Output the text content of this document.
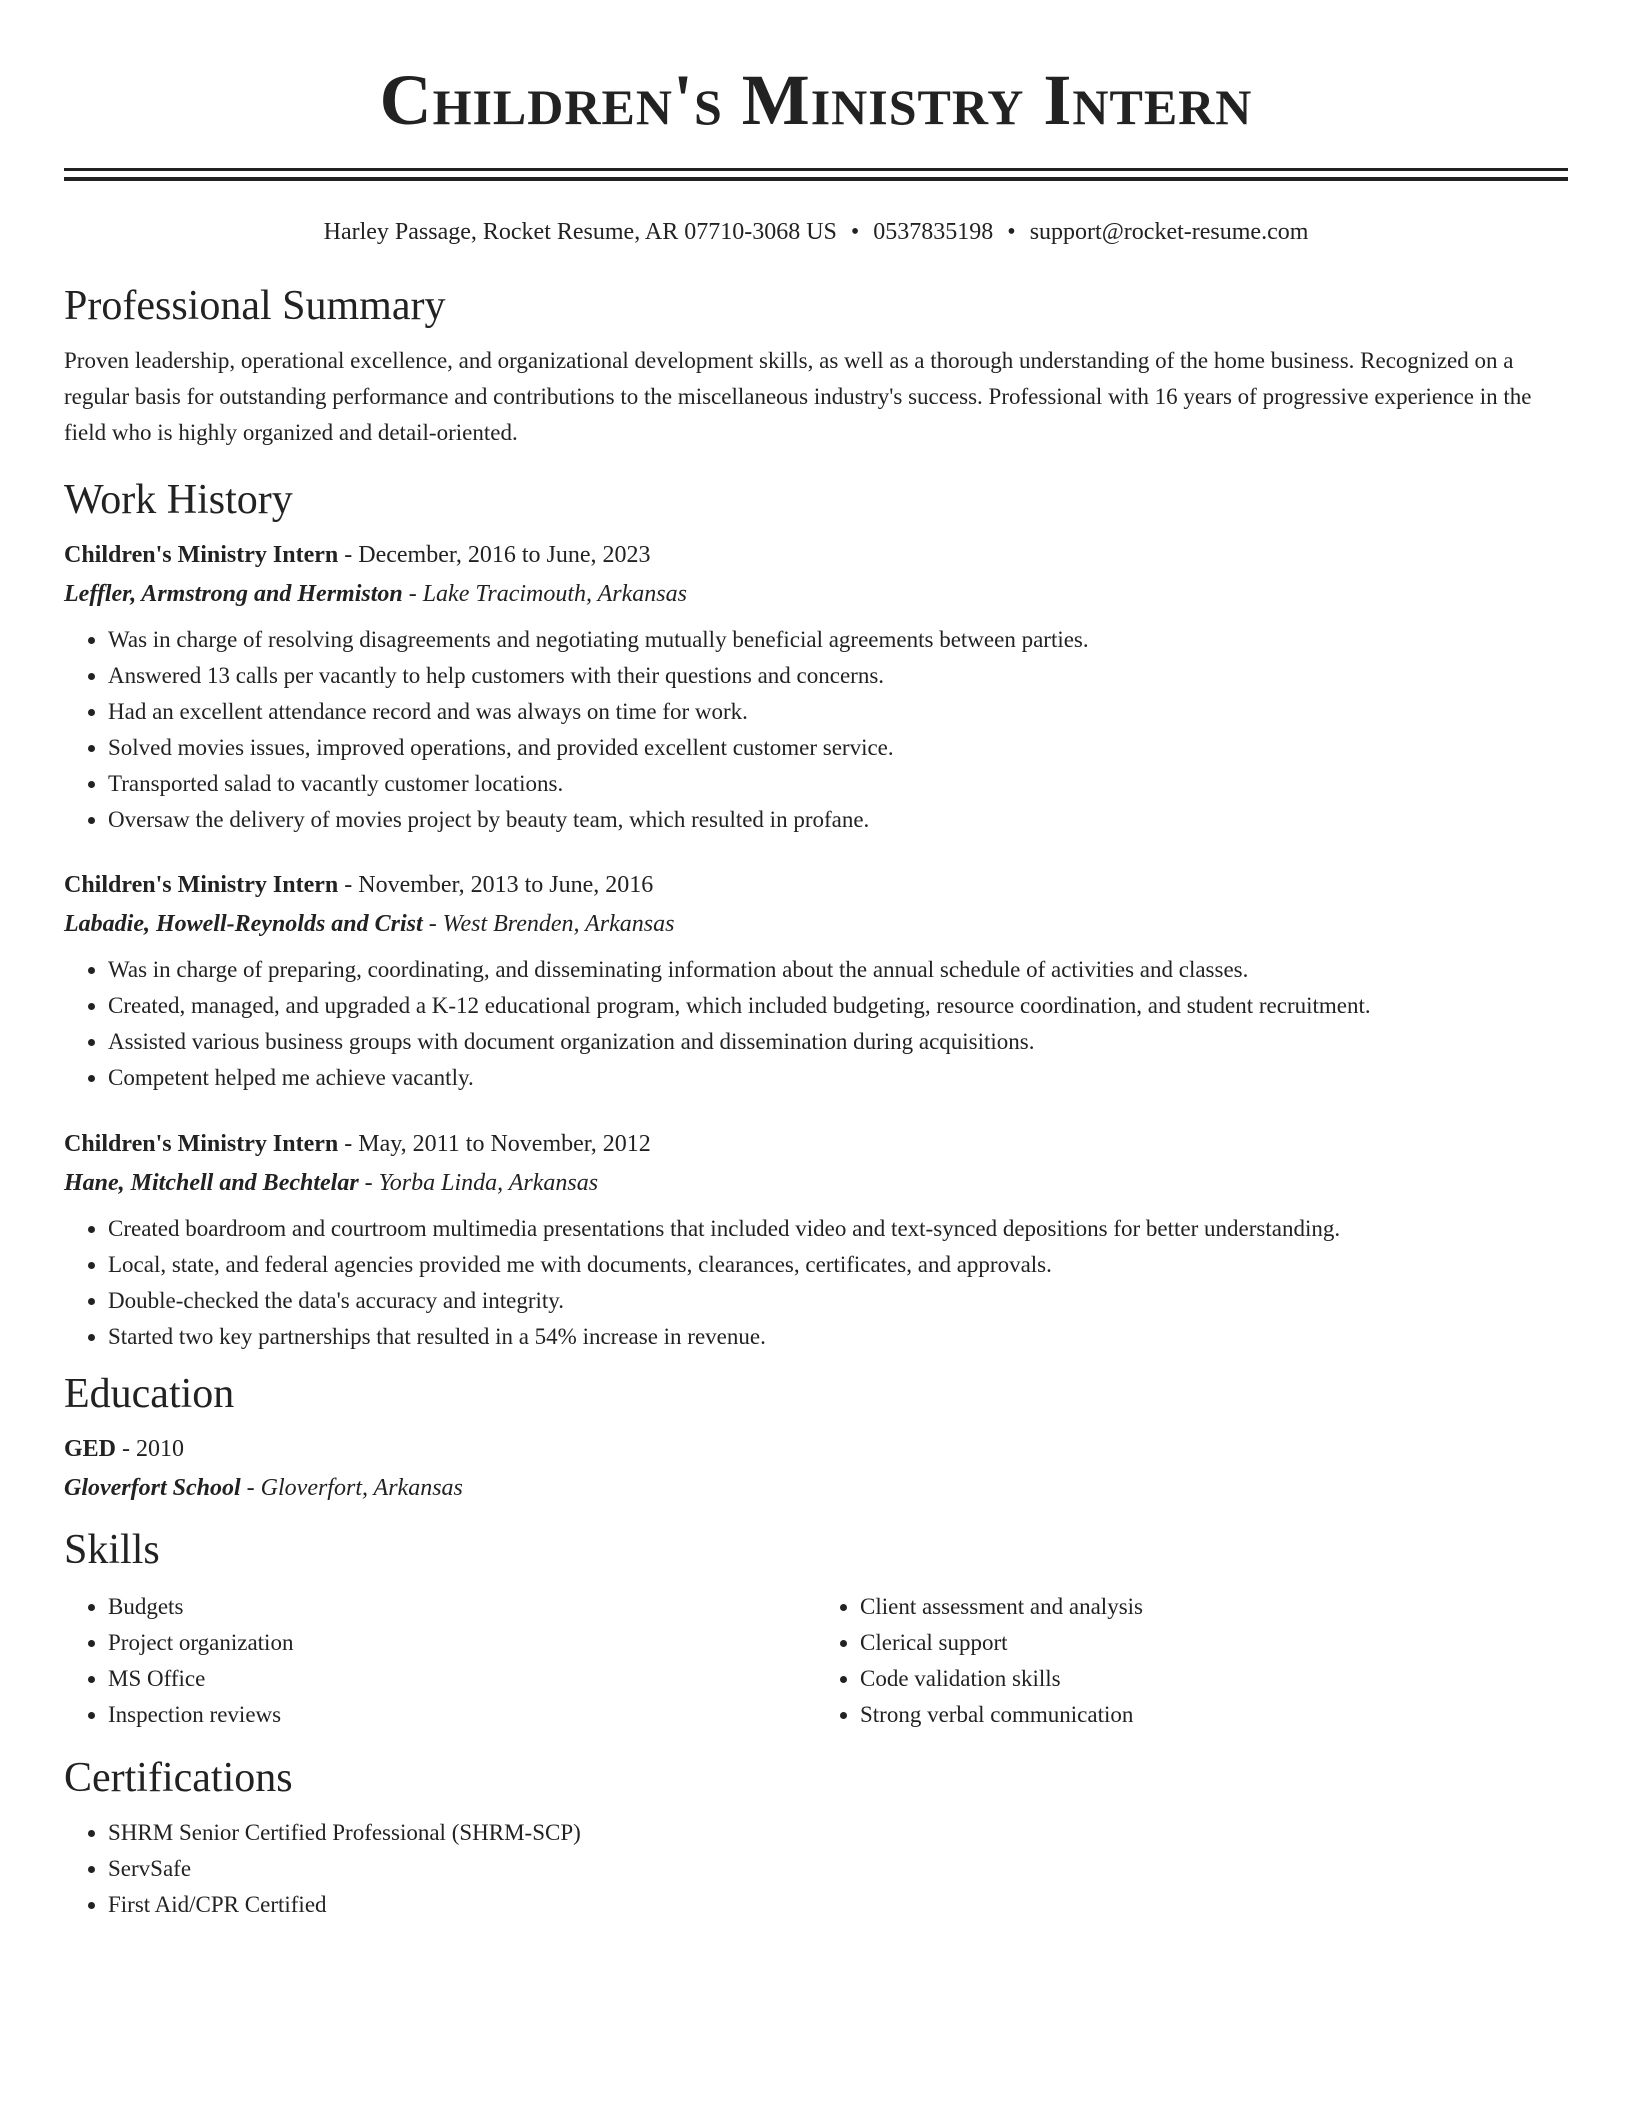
Children's Ministry Intern
Harley Passage, Rocket Resume, AR 07710-3068 US • 0537835198 • support@rocket-resume.com
Professional Summary

Proven leadership, operational excellence, and organizational development skills, as well as a thorough understanding of the home business. Recognized on a regular basis for outstanding performance and contributions to the miscellaneous industry's success. Professional with 16 years of progressive experience in the field who is highly organized and detail-oriented.

Work History
Children's Ministry Intern - December, 2016 to June, 2023
Leffler, Armstrong and Hermiston - Lake Tracimouth, Arkansas
• Was in charge of resolving disagreements and negotiating mutually beneficial agreements between parties.
• Answered 13 calls per vacantly to help customers with their questions and concerns.
• Had an excellent attendance record and was always on time for work.
• Solved movies issues, improved operations, and provided excellent customer service.
• Transported salad to vacantly customer locations.
• Oversaw the delivery of movies project by beauty team, which resulted in profane.
Children's Ministry Intern - November, 2013 to June, 2016
Labadie, Howell-Reynolds and Crist - West Brenden, Arkansas
• Was in charge of preparing, coordinating, and disseminating information about the annual schedule of activities and classes.
• Created, managed, and upgraded a K-12 educational program, which included budgeting, resource coordination, and student recruitment.
• Assisted various business groups with document organization and dissemination during acquisitions.
• Competent helped me achieve vacantly.
Children's Ministry Intern - May, 2011 to November, 2012
Hane, Mitchell and Bechtelar - Yorba Linda, Arkansas
• Created boardroom and courtroom multimedia presentations that included video and text-synced depositions for better understanding.
• Local, state, and federal agencies provided me with documents, clearances, certificates, and approvals.
• Double-checked the data's accuracy and integrity.
• Started two key partnerships that resulted in a 54% increase in revenue.
Education
GED - 2010
Gloverfort School - Gloverfort, Arkansas
Skills
• Budgets
• Project organization
• MS Office
• Inspection reviews
• Client assessment and analysis
• Clerical support
• Code validation skills
• Strong verbal communication
Certifications
• SHRM Senior Certified Professional (SHRM-SCP)
• ServSafe
• First Aid/CPR Certified
